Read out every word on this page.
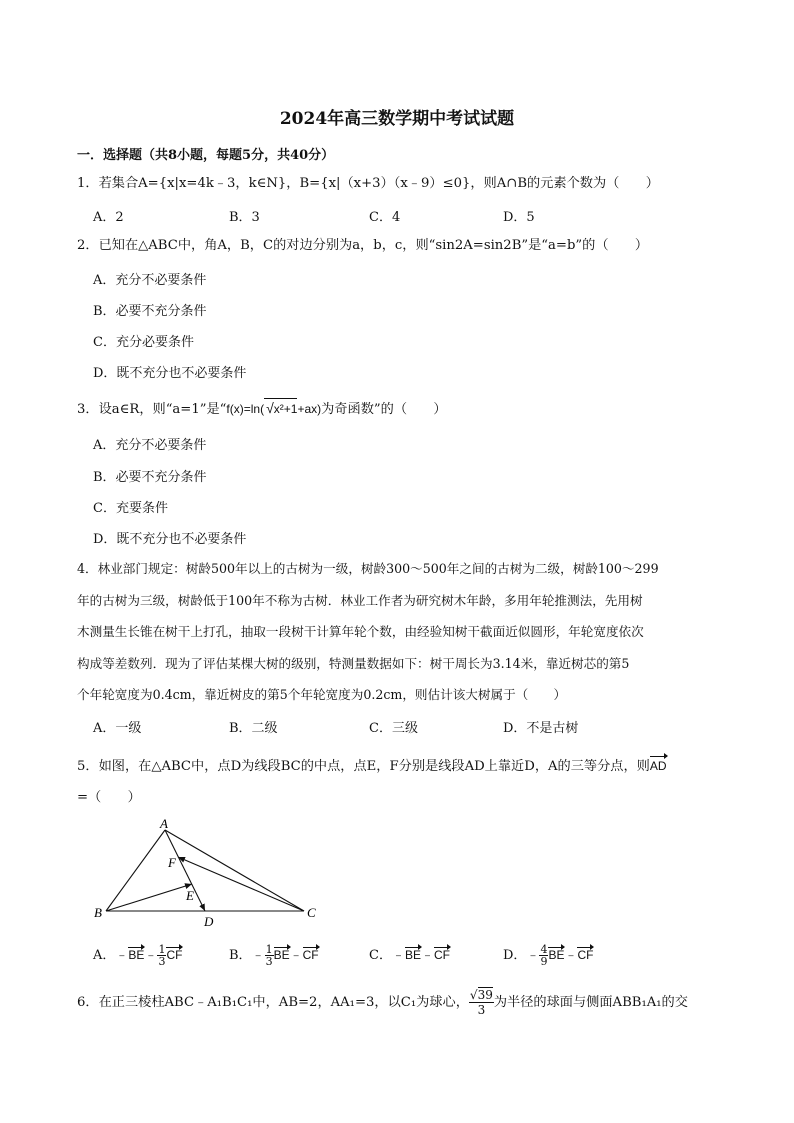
2024年高三数学期中考试试题
一．选择题（共8小题，每题5分，共40分）
1．若集合A={x|x=4k﹣3，k∈N}，B={x|（x+3）（x﹣9）≤0}，则A∩B的元素个数为（　　）
A．2	B．3	C．4	D．5
2．已知在△ABC中，角A，B，C的对边分别为a，b，c，则“sin2A=sin2B”是“a=b”的（　　）
A．充分不必要条件
B．必要不充分条件
C．充分必要条件
D．既不充分也不必要条件
3．设a∈R，则“a=1”是“f(x)=ln( √x²+1+ax)为奇函数”的（　　）
A．充分不必要条件
B．必要不充分条件
C．充要条件
D．既不充分也不必要条件
4．林业部门规定：树龄500年以上的古树为一级，树龄300～500年之间的古树为二级，树龄100～299
年的古树为三级，树龄低于100年不称为古树．林业工作者为研究树木年龄，多用年轮推测法，先用树
木测量生长锥在树干上打孔，抽取一段树干计算年轮个数，由经验知树干截面近似圆形，年轮宽度依次
构成等差数列．现为了评估某棵大树的级别，特测量数据如下：树干周长为3.14米，靠近树芯的第5
个年轮宽度为0.4cm，靠近树皮的第5个年轮宽度为0.2cm，则估计该大树属于（　　）
A．一级	B．二级	C．三级	D．不是古树
5．如图，在△ABC中，点D为线段BC的中点，点E，F分别是线段AD上靠近D，A的三等分点，则AD
=（　　）
A
B	C
D
E
F
A．﹣BE﹣ $\frac{1}{3}$ CF	B．﹣ $\frac{1}{3}$ BE﹣CF	C．﹣BE﹣CF	D．﹣ $\frac{4}{9}$ BE﹣CF
6．在正三棱柱ABC﹣A₁B₁C₁中，AB=2，AA₁=3，以C₁为球心， $\frac{√39}{3}$ 为半径的球面与侧面ABB₁A₁的交
